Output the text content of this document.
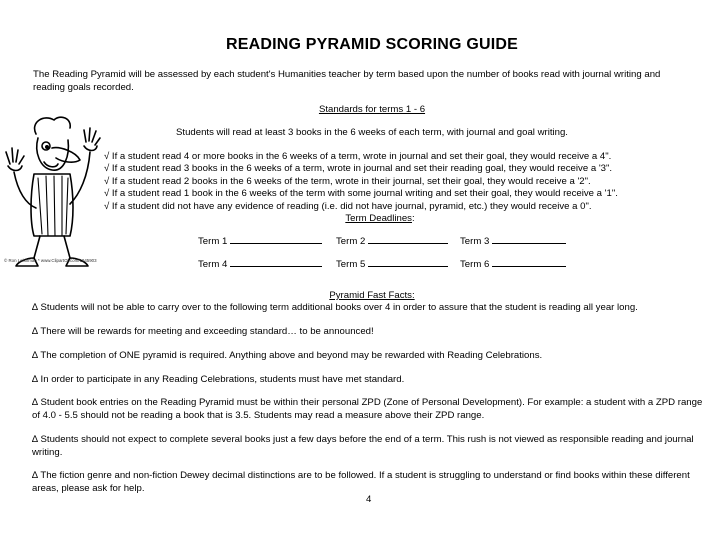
READING PYRAMID SCORING GUIDE
The Reading Pyramid will be assessed by each student's Humanities teacher by term based upon the number of books read with journal writing and reading goals recorded.
Standards for terms 1 - 6
Students will read at least 3 books in the 6 weeks of each term, with journal and goal writing.
© Ron Leishman * www.ClipartOf.com/1045903
√ If a student read 4 or more books in the 6 weeks of a term, wrote in journal and set their goal, they would receive a 4".
√ If a student read 3 books in the 6 weeks of a term, wrote in journal and set their reading goal, they would receive a '3".
√ If a student read 2 books in the 6 weeks of the term, wrote in their journal, set their goal, they would receive a '2".
√ If a student read 1 book in the 6 weeks of the term with some journal writing and set their goal, they would receive a '1".
√ If a student did not have any evidence of reading (i.e. did not have journal, pyramid, etc.) they would receive a 0".
Term Deadlines:
Term 1	Term 2	Term 3
Term 4	Term 5	Term 6
Pyramid Fast Facts:
∆ Students will not be able to carry over to the following term additional books over 4 in order to assure that the student is reading all year long.
∆ There will be rewards for meeting and exceeding standard… to be announced!
∆ The completion of ONE pyramid is required. Anything above and beyond may be rewarded with Reading Celebrations.
∆ In order to participate in any Reading Celebrations, students must have met standard.
∆ Student book entries on the Reading Pyramid must be within their personal ZPD (Zone of Personal Development). For example: a student with a ZPD range of 4.0 - 5.5 should not be reading a book that is 3.5. Students may read a measure above their ZPD range.
∆ Students should not expect to complete several books just a few days before the end of a term. This rush is not viewed as responsible reading and journal writing.
∆ The fiction genre and non-fiction Dewey decimal distinctions are to be followed. If a student is struggling to understand or find books within these different areas, please ask for help.
4
